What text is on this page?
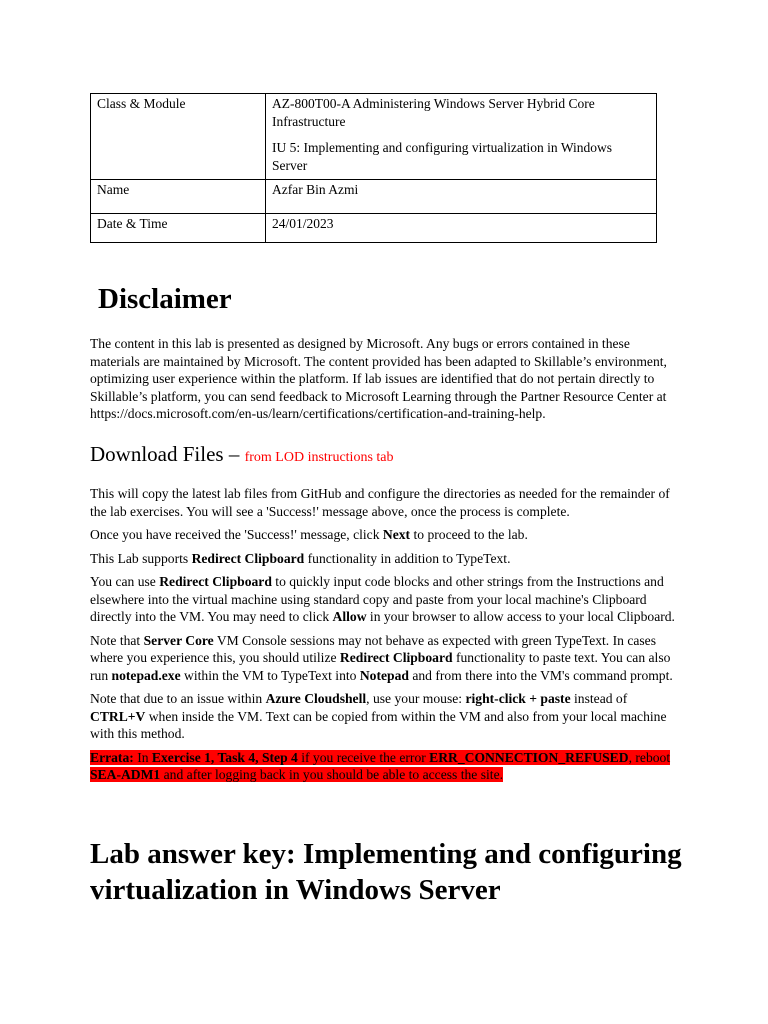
Class & Module	AZ-800T00-A Administering Windows Server Hybrid Core Infrastructure

IU 5: Implementing and configuring virtualization in Windows Server

Name	Azfar Bin Azmi
Date & Time	24/01/2023
Disclaimer

The content in this lab is presented as designed by Microsoft. Any bugs or errors contained in these materials are maintained by Microsoft. The content provided has been adapted to Skillable’s environment, optimizing user experience within the platform. If lab issues are identified that do not pertain directly to Skillable’s platform, you can send feedback to Microsoft Learning through the Partner Resource Center at https://docs.microsoft.com/en-us/learn/certifications/certification-and-training-help.

Download Files – from LOD instructions tab

This will copy the latest lab files from GitHub and configure the directories as needed for the remainder of the lab exercises. You will see a 'Success!' message above, once the process is complete.

Once you have received the 'Success!' message, click Next to proceed to the lab.

This Lab supports Redirect Clipboard functionality in addition to TypeText.

You can use Redirect Clipboard to quickly input code blocks and other strings from the Instructions and elsewhere into the virtual machine using standard copy and paste from your local machine's Clipboard directly into the VM. You may need to click Allow in your browser to allow access to your local Clipboard.

Note that Server Core VM Console sessions may not behave as expected with green TypeText. In cases where you experience this, you should utilize Redirect Clipboard functionality to paste text. You can also run notepad.exe within the VM to TypeText into Notepad and from there into the VM's command prompt.

Note that due to an issue within Azure Cloudshell, use your mouse: right-click + paste instead of CTRL+V when inside the VM. Text can be copied from within the VM and also from your local machine with this method.

Errata: In Exercise 1, Task 4, Step 4 if you receive the error ERR_CONNECTION_REFUSED, reboot SEA-ADM1 and after logging back in you should be able to access the site.

Lab answer key: Implementing and configuring virtualization in Windows Server
